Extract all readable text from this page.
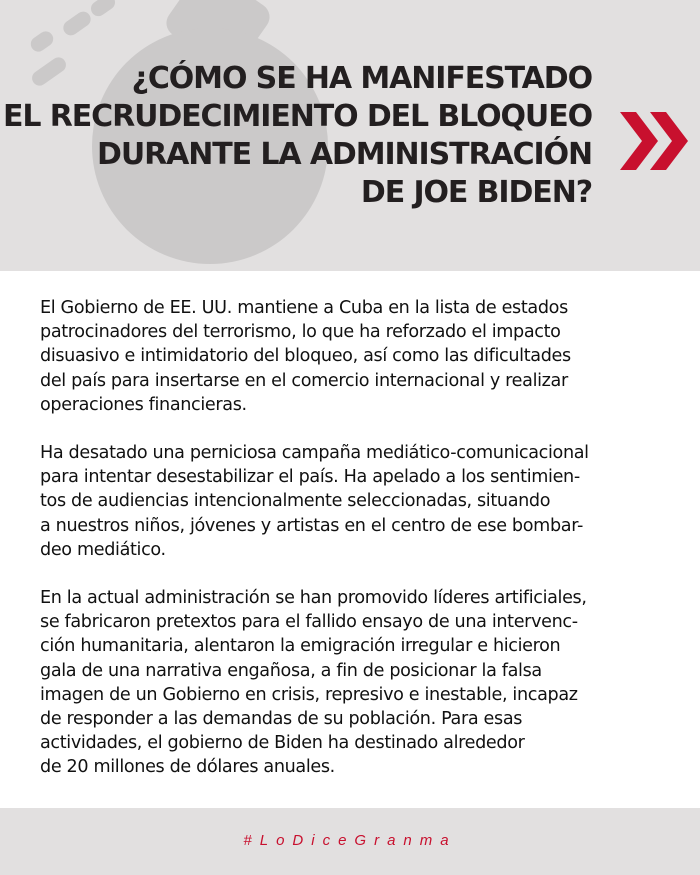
¿CÓMO SE HA MANIFESTADO
EL RECRUDECIMIENTO DEL BLOQUEO
DURANTE LA ADMINISTRACIÓN
DE JOE BIDEN?

El Gobierno de EE. UU. mantiene a Cuba en la lista de estados
patrocinadores del terrorismo, lo que ha reforzado el impacto
disuasivo e intimidatorio del bloqueo, así como las dificultades
del país para insertarse en el comercio internacional y realizar
operaciones financieras.

Ha desatado una perniciosa campaña mediático-comunicacional
para intentar desestabilizar el país. Ha apelado a los sentimien-
tos de audiencias intencionalmente seleccionadas, situando
a nuestros niños, jóvenes y artistas en el centro de ese bombar-
deo mediático.

En la actual administración se han promovido líderes artificiales,
se fabricaron pretextos para el fallido ensayo de una intervenc-
ción humanitaria, alentaron la emigración irregular e hicieron
gala de una narrativa engañosa, a fin de posicionar la falsa
imagen de un Gobierno en crisis, represivo e inestable, incapaz
de responder a las demandas de su población. Para esas
actividades, el gobierno de Biden ha destinado alrededor
de 20 millones de dólares anuales.

#LoDiceGranma
